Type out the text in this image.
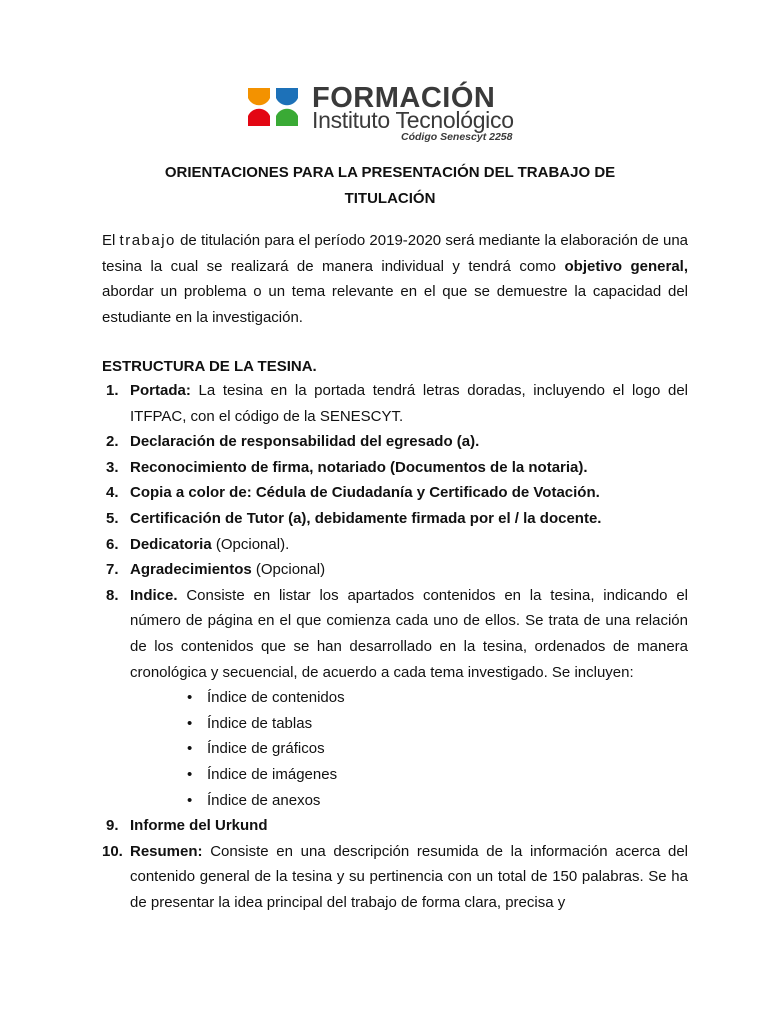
FORMACIÓN
Instituto Tecnológico
Código Senescyt 2258
ORIENTACIONES PARA LA PRESENTACIÓN DEL TRABAJO DE
TITULACIÓN
El trabajo de titulación para el período 2019-2020 será mediante la elaboración de una tesina la cual se realizará de manera individual y tendrá como objetivo general, abordar un problema o un tema relevante en el que se demuestre la capacidad del estudiante en la investigación.
ESTRUCTURA DE LA TESINA.
1. Portada: La tesina en la portada tendrá letras doradas, incluyendo el logo del ITFPAC, con el código de la SENESCYT.
2. Declaración de responsabilidad del egresado (a).
3. Reconocimiento de firma, notariado (Documentos de la notaria).
4. Copia a color de: Cédula de Ciudadanía y Certificado de Votación.
5. Certificación de Tutor (a), debidamente firmada por el / la docente.
6. Dedicatoria (Opcional).
7. Agradecimientos (Opcional)
8. Indice. Consiste en listar los apartados contenidos en la tesina, indicando el número de página en el que comienza cada uno de ellos. Se trata de una relación de los contenidos que se han desarrollado en la tesina, ordenados de manera cronológica y secuencial, de acuerdo a cada tema investigado. Se incluyen:
• Índice de contenidos
• Índice de tablas
• Índice de gráficos
• Índice de imágenes
• Índice de anexos
9. Informe del Urkund
10. Resumen: Consiste en una descripción resumida de la información acerca del contenido general de la tesina y su pertinencia con un total de 150 palabras. Se ha de presentar la idea principal del trabajo de forma clara, precisa y
